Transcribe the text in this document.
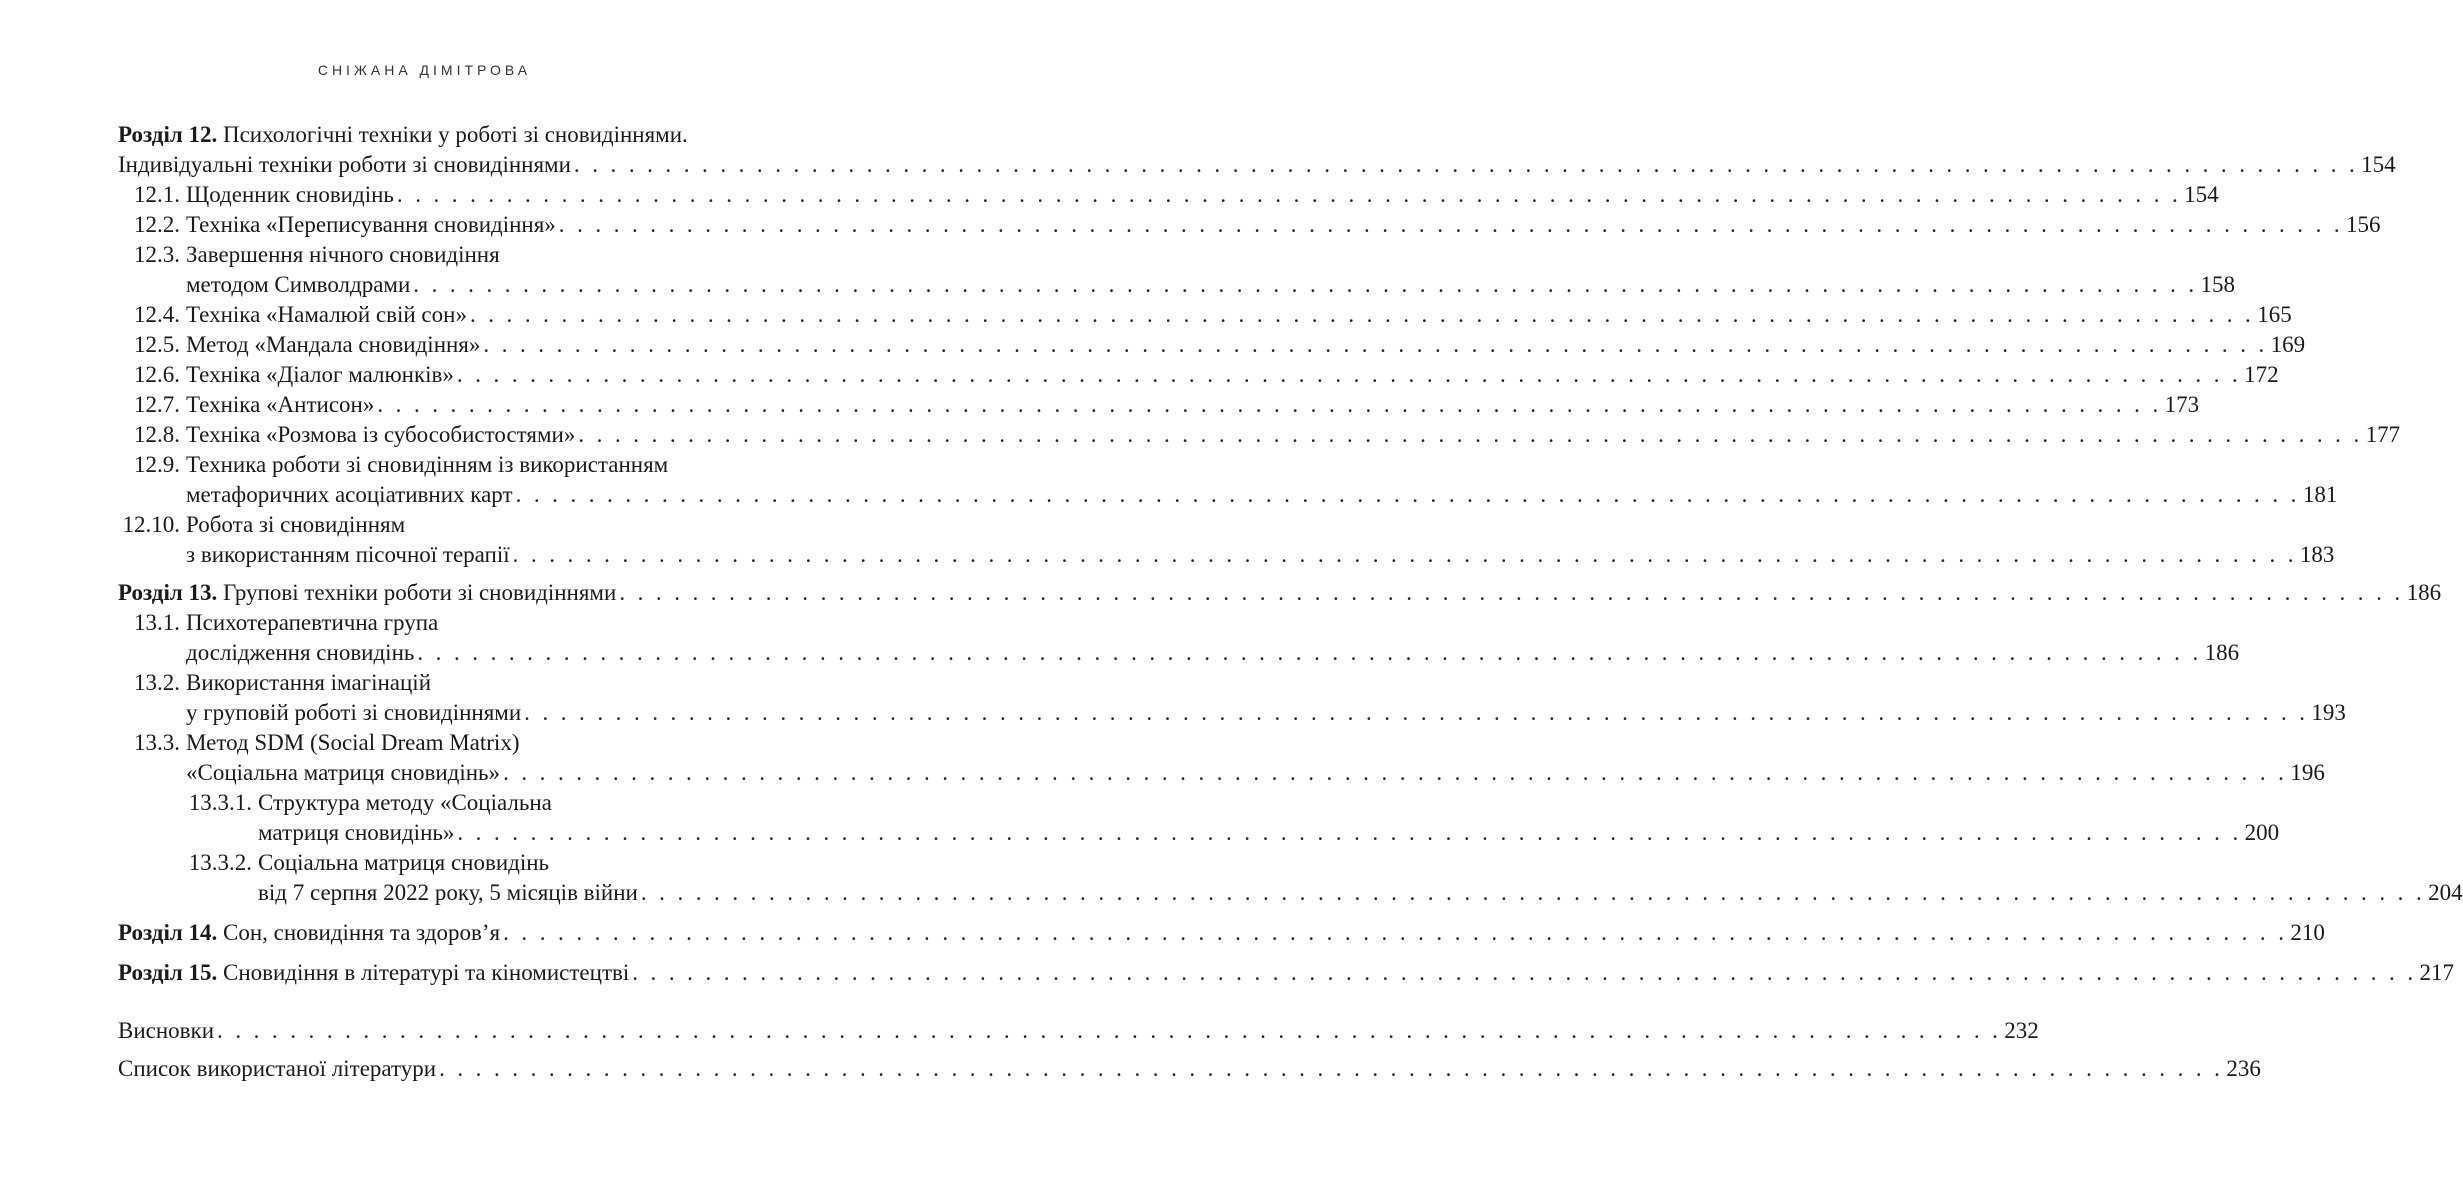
СНІЖАНА ДІМІТРОВА
Розділ 12. Психологічні техніки у роботі зі сновидіннями.
Індивідуальні техніки роботи зі сновидіннями . . . . . . . . . . . . . . . . . . . . . . . . . . . . . . . . . . . . . . . . . . . . . . . . . . . . . . . . . . . . . . . . . . . . . . . . . . . . . . . . . . . . . . . . . . . . . . . . . . 154
12.1. Щоденник сновидінь . . . . . . . . . . . . . . . . . . . . . . . . . . . . . . . . . . . . . . . . . . . . . . . . . . . . . . . . . . . . . . . . . . . . . . . . . . . . . . . . . . . . . . . . . . . . . . . . . . 154
12.2. Техніка «Переписування сновидіння» . . . . . . . . . . . . . . . . . . . . . . . . . . . . . . . . . . . . . . . . . . . . . . . . . . . . . . . . . . . . . . . . . . . . . . . . . . . . . . . . . . . . . . . . . . . . . . . . . . 156
12.3. Завершення нічного сновидіння
методом Символдрами . . . . . . . . . . . . . . . . . . . . . . . . . . . . . . . . . . . . . . . . . . . . . . . . . . . . . . . . . . . . . . . . . . . . . . . . . . . . . . . . . . . . . . . . . . . . . . . . . . 158
12.4. Техніка «Намалюй свій сон» . . . . . . . . . . . . . . . . . . . . . . . . . . . . . . . . . . . . . . . . . . . . . . . . . . . . . . . . . . . . . . . . . . . . . . . . . . . . . . . . . . . . . . . . . . . . . . . . . . 165
12.5. Метод «Мандала сновидіння» . . . . . . . . . . . . . . . . . . . . . . . . . . . . . . . . . . . . . . . . . . . . . . . . . . . . . . . . . . . . . . . . . . . . . . . . . . . . . . . . . . . . . . . . . . . . . . . . . . 169
12.6. Техніка «Діалог малюнків» . . . . . . . . . . . . . . . . . . . . . . . . . . . . . . . . . . . . . . . . . . . . . . . . . . . . . . . . . . . . . . . . . . . . . . . . . . . . . . . . . . . . . . . . . . . . . . . . . . 172
12.7. Техніка «Антисон» . . . . . . . . . . . . . . . . . . . . . . . . . . . . . . . . . . . . . . . . . . . . . . . . . . . . . . . . . . . . . . . . . . . . . . . . . . . . . . . . . . . . . . . . . . . . . . . . . . 173
12.8. Техніка «Розмова із субособистостями» . . . . . . . . . . . . . . . . . . . . . . . . . . . . . . . . . . . . . . . . . . . . . . . . . . . . . . . . . . . . . . . . . . . . . . . . . . . . . . . . . . . . . . . . . . . . . . . . . . 177
12.9. Техника роботи зі сновидінням із використанням
метафоричних асоціативних карт . . . . . . . . . . . . . . . . . . . . . . . . . . . . . . . . . . . . . . . . . . . . . . . . . . . . . . . . . . . . . . . . . . . . . . . . . . . . . . . . . . . . . . . . . . . . . . . . . . 181
12.10. Робота зі сновидінням
з використанням пісочної терапії . . . . . . . . . . . . . . . . . . . . . . . . . . . . . . . . . . . . . . . . . . . . . . . . . . . . . . . . . . . . . . . . . . . . . . . . . . . . . . . . . . . . . . . . . . . . . . . . . . 183
Розділ 13. Групові техніки роботи зі сновидіннями . . . . . . . . . . . . . . . . . . . . . . . . . . . . . . . . . . . . . . . . . . . . . . . . . . . . . . . . . . . . . . . . . . . . . . . . . . . . . . . . . . . . . . . . . . . . . . . . . . 186
13.1. Психотерапевтична група
дослідження сновидінь . . . . . . . . . . . . . . . . . . . . . . . . . . . . . . . . . . . . . . . . . . . . . . . . . . . . . . . . . . . . . . . . . . . . . . . . . . . . . . . . . . . . . . . . . . . . . . . . . . 186
13.2. Використання імагінацій
у груповій роботі зі сновидіннями . . . . . . . . . . . . . . . . . . . . . . . . . . . . . . . . . . . . . . . . . . . . . . . . . . . . . . . . . . . . . . . . . . . . . . . . . . . . . . . . . . . . . . . . . . . . . . . . . . 193
13.3. Метод SDM (Social Dream Matrix)
«Соціальна матриця сновидінь» . . . . . . . . . . . . . . . . . . . . . . . . . . . . . . . . . . . . . . . . . . . . . . . . . . . . . . . . . . . . . . . . . . . . . . . . . . . . . . . . . . . . . . . . . . . . . . . . . . 196
13.3.1. Структура методу «Соціальна
матриця сновидінь» . . . . . . . . . . . . . . . . . . . . . . . . . . . . . . . . . . . . . . . . . . . . . . . . . . . . . . . . . . . . . . . . . . . . . . . . . . . . . . . . . . . . . . . . . . . . . . . . . . 200
13.3.2. Соціальна матриця сновидінь
від 7 серпня 2022 року, 5 місяців війни . . . . . . . . . . . . . . . . . . . . . . . . . . . . . . . . . . . . . . . . . . . . . . . . . . . . . . . . . . . . . . . . . . . . . . . . . . . . . . . . . . . . . . . . . . . . . . . . . . 204
Розділ 14. Сон, сновидіння та здоров’я . . . . . . . . . . . . . . . . . . . . . . . . . . . . . . . . . . . . . . . . . . . . . . . . . . . . . . . . . . . . . . . . . . . . . . . . . . . . . . . . . . . . . . . . . . . . . . . . . . 210
Розділ 15. Сновидіння в літературі та кіномистецтві . . . . . . . . . . . . . . . . . . . . . . . . . . . . . . . . . . . . . . . . . . . . . . . . . . . . . . . . . . . . . . . . . . . . . . . . . . . . . . . . . . . . . . . . . . . . . . . . . . 217
Висновки . . . . . . . . . . . . . . . . . . . . . . . . . . . . . . . . . . . . . . . . . . . . . . . . . . . . . . . . . . . . . . . . . . . . . . . . . . . . . . . . . . . . . . . . . . . . . . . . . . 232
Список використаної літератури . . . . . . . . . . . . . . . . . . . . . . . . . . . . . . . . . . . . . . . . . . . . . . . . . . . . . . . . . . . . . . . . . . . . . . . . . . . . . . . . . . . . . . . . . . . . . . . . . . 236
